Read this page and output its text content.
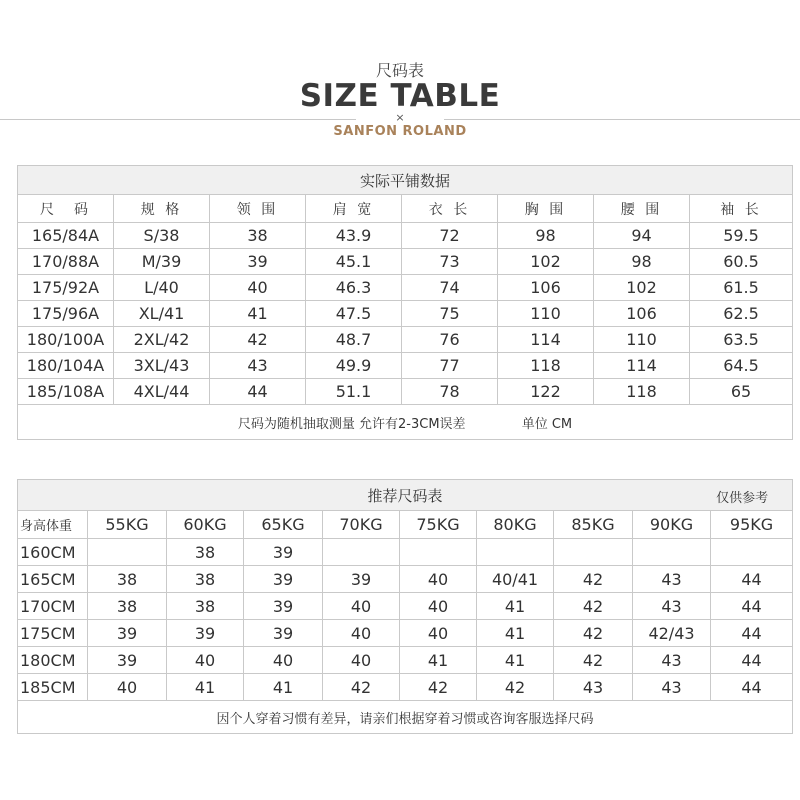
尺码表
SIZE TABLE
×
SANFON ROLAND
实际平铺数据							
尺　码	规 格	领 围	肩 宽	衣 长	胸 围	腰 围	袖 长
165/84A	S/38	38	43.9	72	98	94	59.5
170/88A	M/39	39	45.1	73	102	98	60.5
175/92A	L/40	40	46.3	74	106	102	61.5
175/96A	XL/41	41	47.5	75	110	106	62.5
180/100A	2XL/42	42	48.7	76	114	110	63.5
180/104A	3XL/43	43	49.9	77	118	114	64.5
185/108A	4XL/44	44	51.1	78	122	118	65
尺码为随机抽取测量 允许有2-3CM误差 单位 CM							
推荐尺码表 仅供参考									

身高体重	55KG	60KG	65KG	70KG	75KG	80KG	85KG	90KG	95KG
160CM		38	39						
165CM	38	38	39	39	40	40/41	42	43	44
170CM	38	38	39	40	40	41	42	43	44
175CM	39	39	39	40	40	41	42	42/43	44
180CM	39	40	40	40	41	41	42	43	44
185CM	40	41	41	42	42	42	43	43	44
因个人穿着习惯有差异，请亲们根据穿着习惯或咨询客服选择尺码									
